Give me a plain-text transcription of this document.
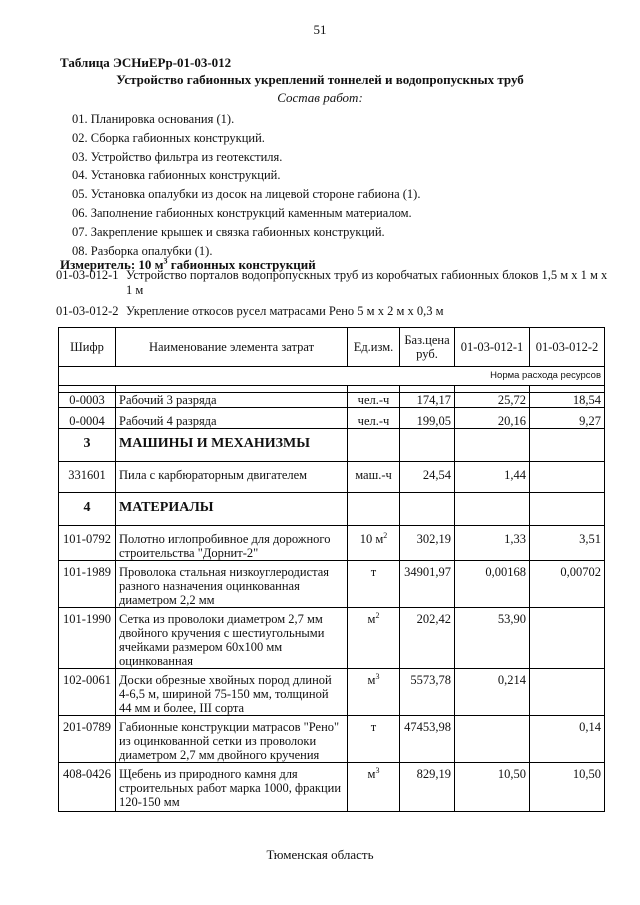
51
Таблица ЭСНиЕРр-01-03-012
Устройство габионных укреплений тоннелей и водопропускных труб
Состав работ:
01. Планировка основания (1).
02. Сборка габионных конструкций.
03. Устройство фильтра из геотекстиля.
04. Установка габионных конструкций.
05. Установка опалубки из досок на лицевой стороне габиона (1).
06. Заполнение габионных конструкций каменным материалом.
07. Закрепление крышек и связка габионных конструкций.
08. Разборка опалубки (1).
Измеритель: 10 $м^3$ габионных конструкций
01-03-012-1 Устройство порталов водопропускных труб из коробчатых габионных блоков 1,5 м х 1 м х 1 м
01-03-012-2 Укрепление откосов русел матрасами Рено 5 м х 2 м х 0,3 м
Шифр	Наименование элемента затрат	Ед.изм.	Баз.цена руб.	01-03-012-1	01-03-012-2
Норма расхода ресурсов					

0-0003	Рабочий 3 разряда	чел.-ч	174,17	25,72	18,54
0-0004	Рабочий 4 разряда	чел.-ч	199,05	20,16	9,27
3	МАШИНЫ И МЕХАНИЗМЫ				
331601	Пила с карбюраторным двигателем	маш.-ч	24,54	1,44	
4	МАТЕРИАЛЫ				
101-0792	Полотно иглопробивное для дорожного строительства "Дорнит-2"	10 $м^2$	302,19	1,33	3,51
101-1989	Проволока стальная низкоуглеродистая разного назначения оцинкованная диаметром 2,2 мм	т	34901,97	0,00168	0,00702
101-1990	Сетка из проволоки диаметром 2,7 мм двойного кручения с шестиугольными ячейками размером 60х100 мм оцинкованная	$м^2$	202,42	53,90	
102-0061	Доски обрезные хвойных пород длиной 4-6,5 м, шириной 75-150 мм, толщиной 44 мм и более, III сорта	$м^3$	5573,78	0,214	
201-0789	Габионные конструкции матрасов "Рено" из оцинкованной сетки из проволоки диаметром 2,7 мм двойного кручения	т	47453,98		0,14
408-0426	Щебень из природного камня для строительных работ марка 1000, фракции 120-150 мм	$м^3$	829,19	10,50	10,50
Тюменская область
